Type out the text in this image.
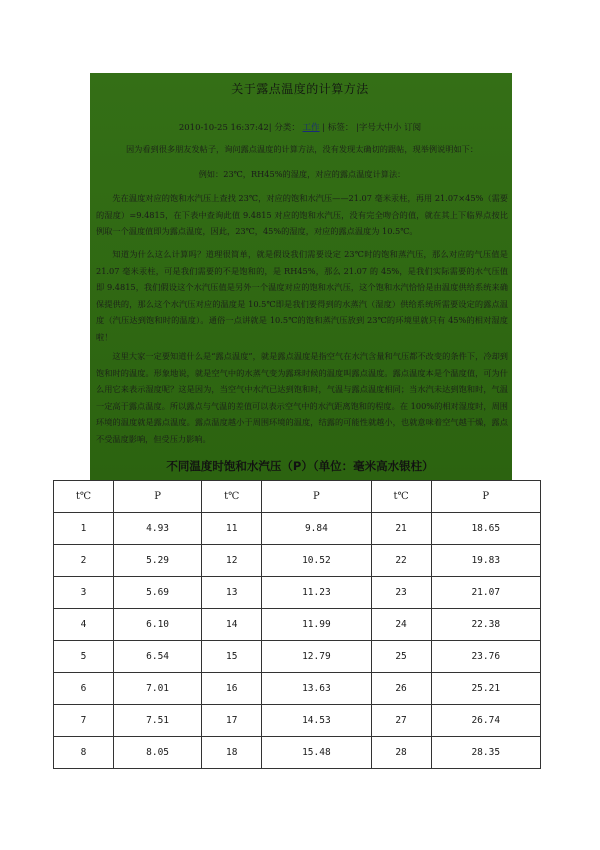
关于露点温度的计算方法
2010-10-25 16:37:42| 分类： 工作 | 标签： |字号大中小 订阅

因为看到很多朋友发帖子，询问露点温度的计算方法，没有发现太确切的跟帖，现举例说明如下：

例如：23℃，RH45%的湿度，对应的露点温度计算法：

先在温度对应的饱和水汽压上查找 23℃，对应的饱和水汽压——21.07 毫米汞柱，再用 21.07×45%（需要的湿度）=9.4815，在下表中查询此值 9.4815 对应的饱和水汽压，没有完全吻合的值，就在其上下临界点按比例取一个温度值即为露点温度，因此，23℃，45%的湿度，对应的露点温度为 10.5℃。

知道为什么这么计算吗？道理很简单，就是假设我们需要设定 23℃时的饱和蒸汽压，那么对应的气压值是 21.07 毫米汞柱，可是我们需要的不是饱和的，是 RH45%，那么 21.07 的 45%，是我们实际需要的水气压值即 9.4815，我们假设这个水汽压值是另外一个温度对应的饱和水汽压，这个饱和水汽恰恰是由温度供给系统来确保提供的，那么这个水汽压对应的温度是 10.5℃即是我们要得到的水蒸汽（湿度）供给系统所需要设定的露点温度（汽压达到饱和时的温度）。通俗一点讲就是 10.5℃的饱和蒸汽压放到 23℃的环境里就只有 45%的相对湿度啦！

这里大家一定要知道什么是“露点温度”，就是露点温度是指空气在水汽含量和气压都不改变的条件下，冷却到饱和时的温度。形象地说，就是空气中的水蒸气变为露珠时候的温度叫露点温度。露点温度本是个温度值，可为什么用它来表示湿度呢？这是因为，当空气中水汽已达到饱和时，气温与露点温度相同；当水汽未达到饱和时，气温一定高于露点温度。所以露点与气温的差值可以表示空气中的水汽距离饱和的程度。在 100%的相对湿度时，周围环境的温度就是露点温度。露点温度越小于周围环境的温度，结露的可能性就越小，也就意味着空气越干燥，露点不受温度影响，但受压力影响。

不同温度时饱和水汽压（P）（单位：毫米高水银柱）
t℃	P	t℃	P	t℃	P
1	4.93	11	9.84	21	18.65
2	5.29	12	10.52	22	19.83
3	5.69	13	11.23	23	21.07
4	6.10	14	11.99	24	22.38
5	6.54	15	12.79	25	23.76
6	7.01	16	13.63	26	25.21
7	7.51	17	14.53	27	26.74
8	8.05	18	15.48	28	28.35
